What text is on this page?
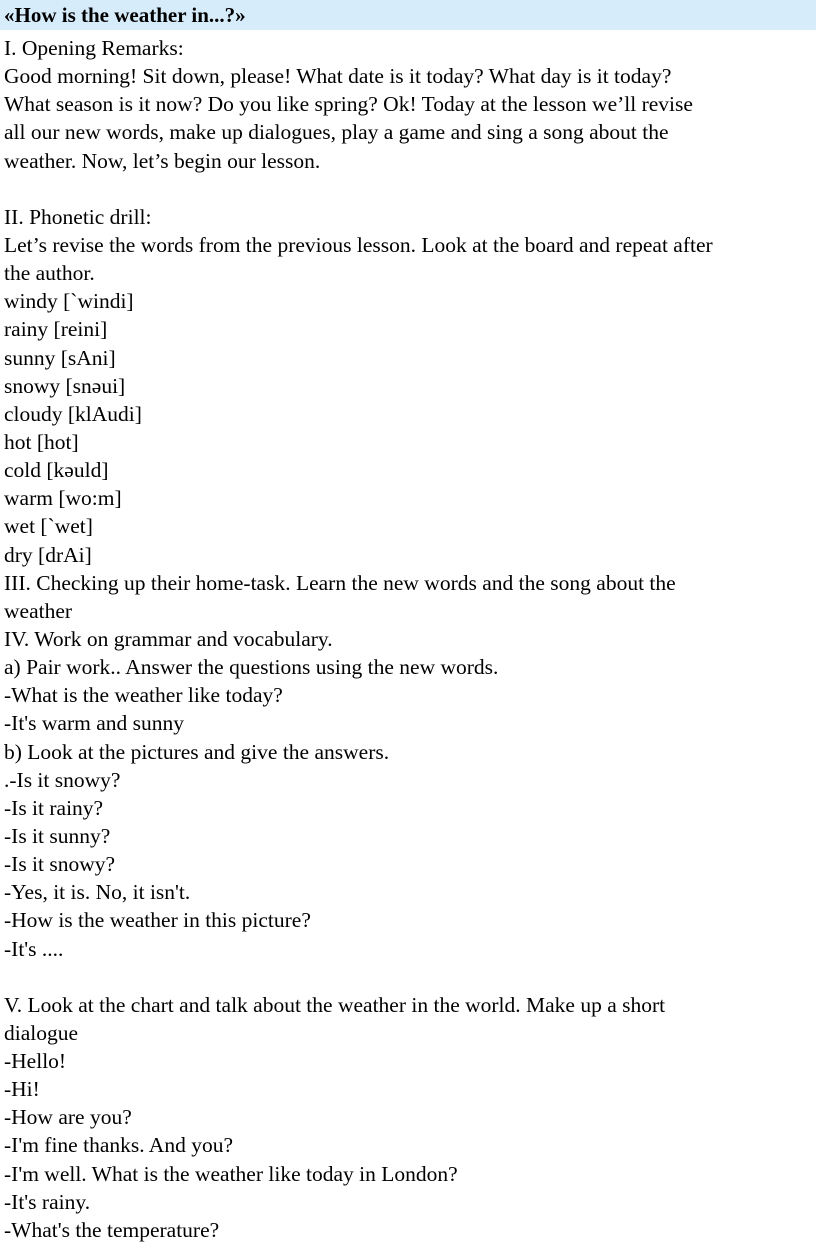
«How is the weather in...?»
I. Opening Remarks:
Good morning! Sit down, please! What date is it today? What day is it today?
What season is it now? Do you like spring? Ok! Today at the lesson we’ll revise
all our new words, make up dialogues, play a game and sing a song about the
weather. Now, let’s begin our lesson.
II. Phonetic drill:
Let’s revise the words from the previous lesson. Look at the board and repeat after
the author.
windy [`windi]
rainy [reini]
sunny [sAni]
snowy [snəui]
cloudy [klAudi]
hot [hot]
cold [kəuld]
warm [wo:m]
wet [`wet]
dry [drAi]
III. Checking up their home-task. Learn the new words and the song about the
weather
IV. Work on grammar and vocabulary.
a) Pair work.. Answer the questions using the new words.
-What is the weather like today?
-It's warm and sunny
b) Look at the pictures and give the answers.
.-Is it snowy?
-Is it rainy?
-Is it sunny?
-Is it snowy?
-Yes, it is. No, it isn't.
-How is the weather in this picture?
-It's ....
V. Look at the chart and talk about the weather in the world. Make up a short
dialogue
-Hello!
-Hi!
-How are you?
-I'm fine thanks. And you?
-I'm well. What is the weather like today in London?
-It's rainy.
-What's the temperature?
